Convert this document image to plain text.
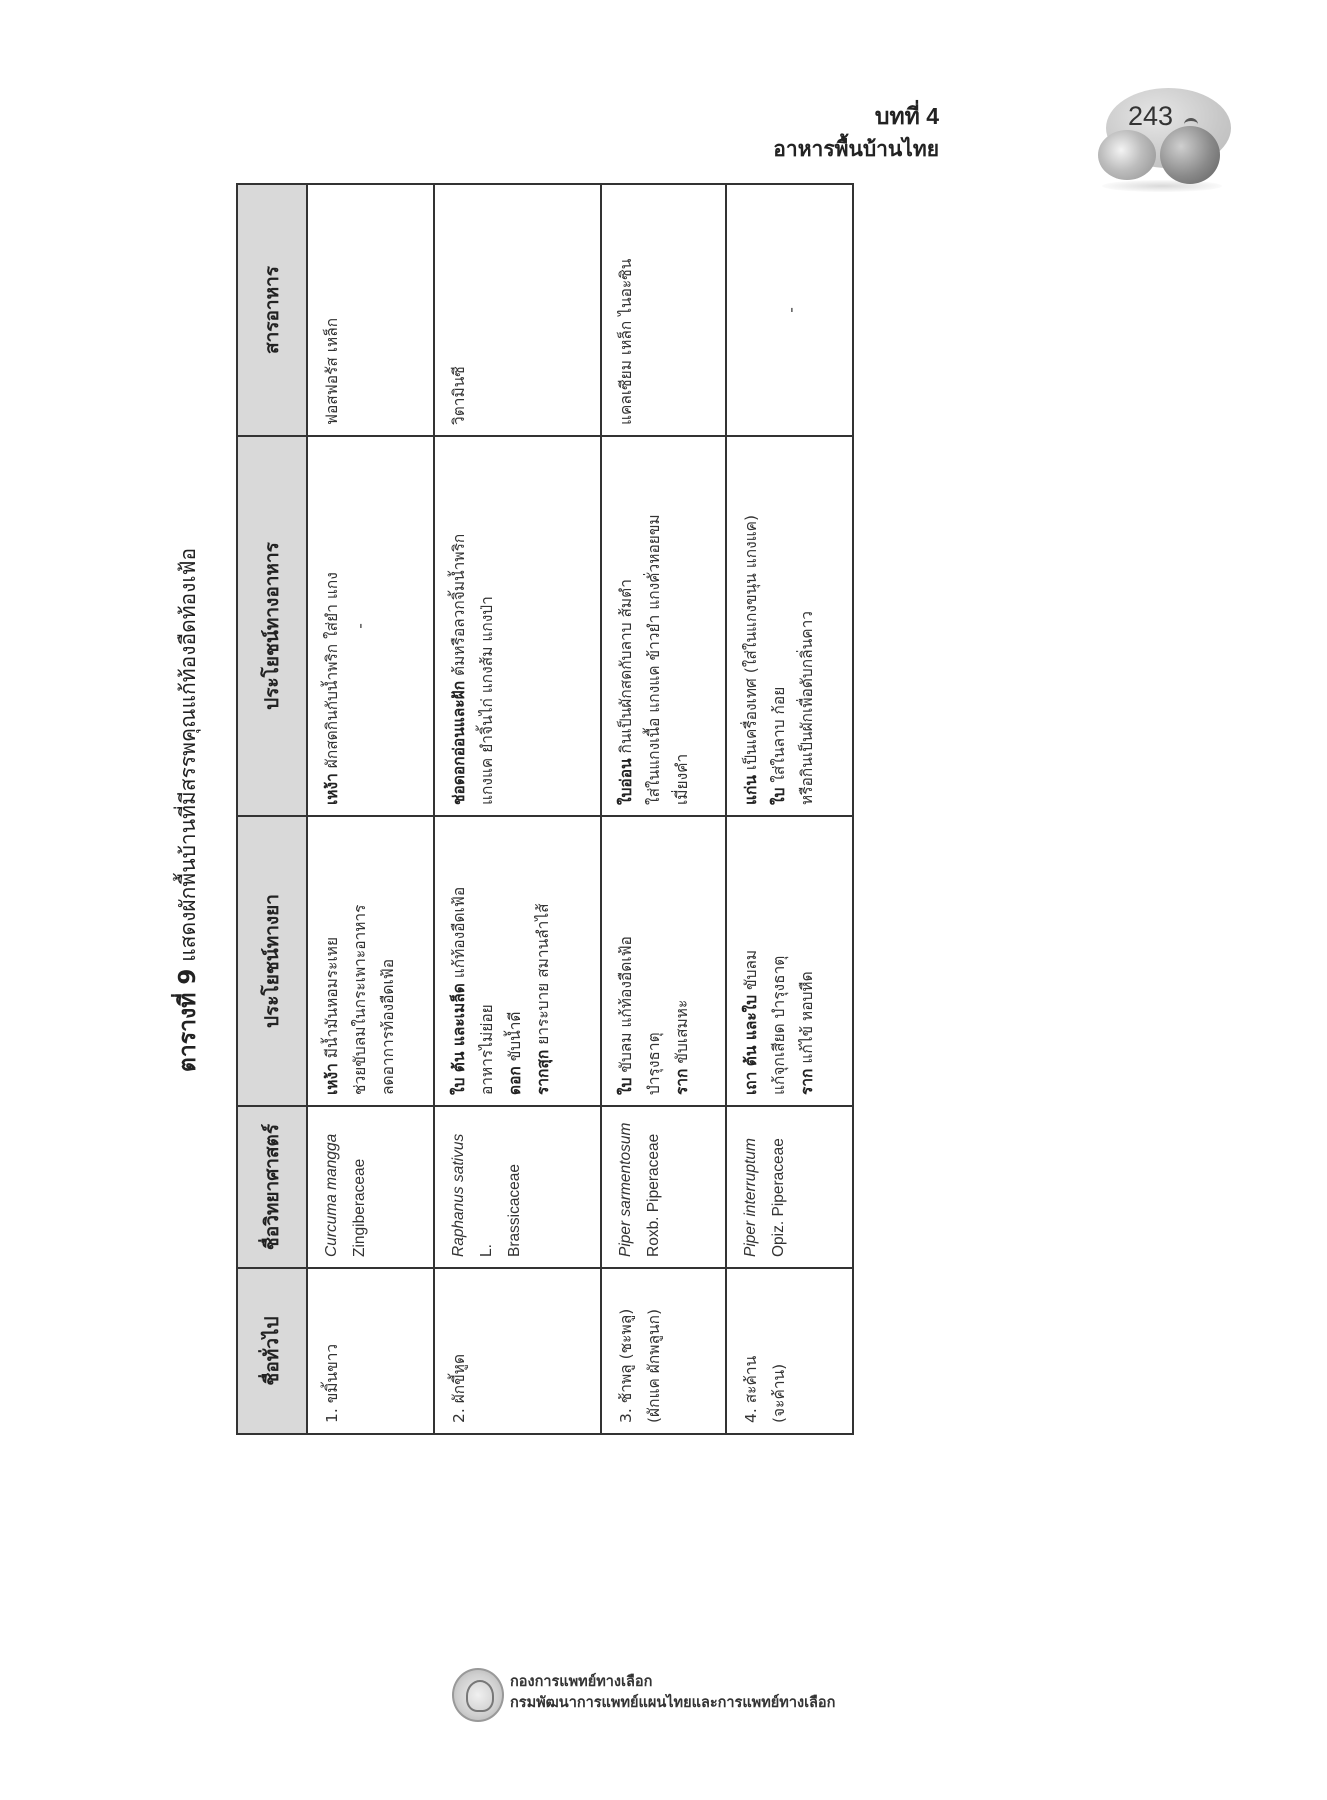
บทที่ 4
อาหารพื้นบ้านไทย
243
ตารางที่ 9 แสดงผักพื้นบ้านที่มีสรรพคุณแก้ท้องอืดท้องเฟ้อ
ชื่อทั่วไป	ชื่อวิทยาศาสตร์	ประโยชน์ทางยา	ประโยชน์ทางอาหาร	สารอาหาร

1. ขมิ้นขาว	Curcuma mangga Zingiberaceae	เหง้า มีน้ำมันหอมระเหย ช่วยขับลมในกระเพาะอาหาร ลดอาการท้องอืดเฟ้อ	เหง้า ผักสดกินกับน้ำพริก ใส่ยำ แกง -	ฟอสฟอรัส เหล็ก

2. ผักขี้หูด	Raphanus sativus L. Brassicaceae	ใบ ต้น และเมล็ด แก้ท้องอืดเฟ้อ
อาหารไม่ย่อย ดอก ขับน้ำดี
รากสุก ยาระบาย สมานลำไส้	ช่อดอกอ่อนและฝัก ต้มหรือลวกจิ้มน้ำพริก แกงแค ยำจิ้นไก่ แกงส้ม แกงป่า	วิตามินซี

3. ช้าพลู (ชะพลู) (ผักแค ผักพลูนก)	Piper sarmentosum Roxb. Piperaceae	ใบ ขับลม แก้ท้องอืดเฟ้อ บำรุงธาตุ ราก ขับเสมหะ	ใบอ่อน กินเป็นผักสดกับลาบ ส้มตำ ใส่ในแกงเนื้อ แกงแค ข้าวยำ แกงคั่วหอยขม เมี่ยงคำ	แคลเซียม เหล็ก ไนอะซิน

4. สะค้าน (จะค้าน)	Piper interruptum Opiz. Piperaceae	เถา ต้น และใบ ขับลม แก้จุกเสียด บำรุงธาตุ ราก แก้ไข้ หอบหืด	แก่น เป็นเครื่องเทศ (ใส่ในแกงขนุน แกงแค)
ใบ ใส่ในลาบ ก้อย หรือกินเป็นผักเพื่อดับกลิ่นคาว	-
กองการแพทย์ทางเลือก
กรมพัฒนาการแพทย์แผนไทยและการแพทย์ทางเลือก
